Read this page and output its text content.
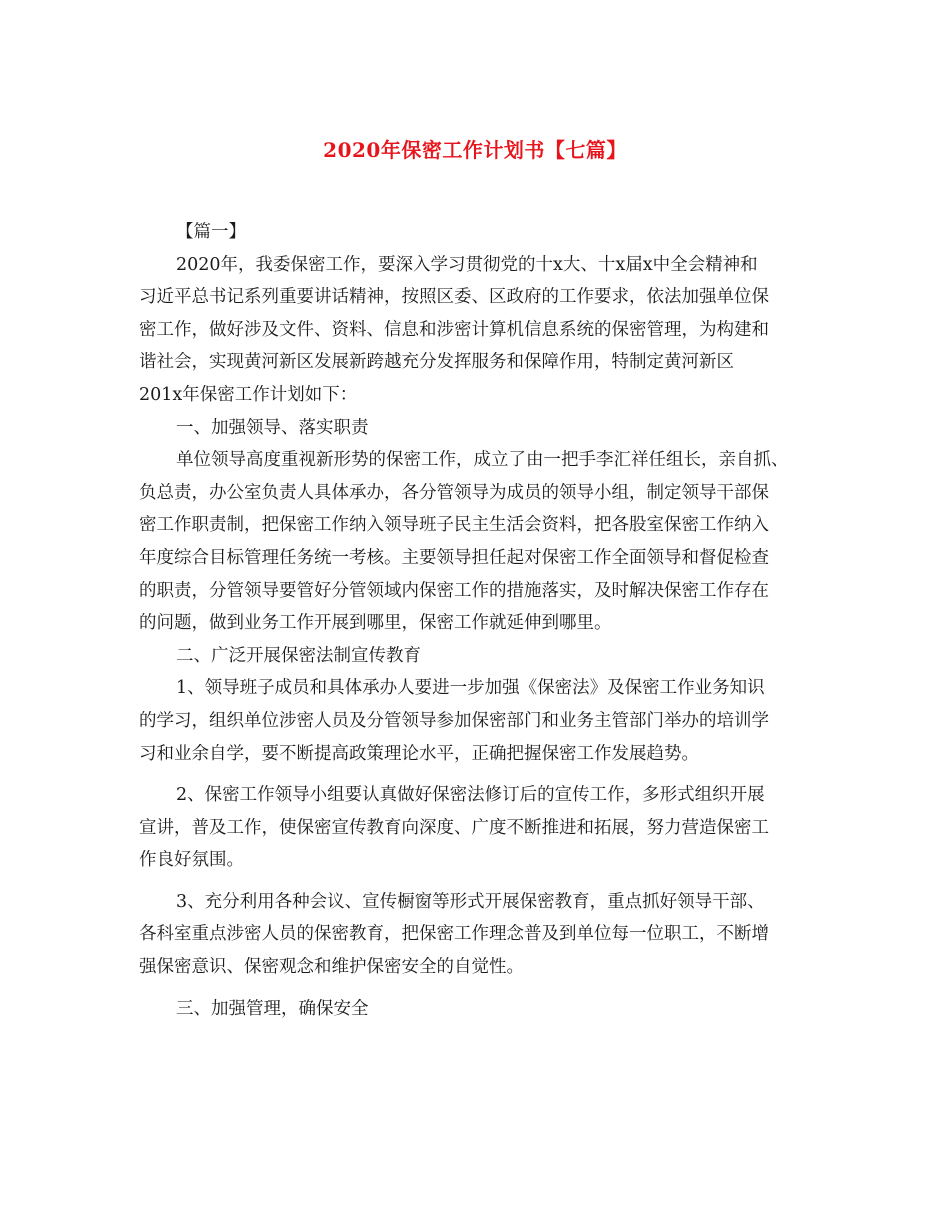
2020年保密工作计划书【七篇】
【篇一】
2020年，我委保密工作，要深入学习贯彻党的十x大、十x届x中全会精神和
习近平总书记系列重要讲话精神，按照区委、区政府的工作要求，依法加强单位保
密工作，做好涉及文件、资料、信息和涉密计算机信息系统的保密管理，为构建和
谐社会，实现黄河新区发展新跨越充分发挥服务和保障作用，特制定黄河新区
201x年保密工作计划如下：
一、加强领导、落实职责
单位领导高度重视新形势的保密工作，成立了由一把手李汇祥任组长，亲自抓、
负总责，办公室负责人具体承办，各分管领导为成员的领导小组，制定领导干部保
密工作职责制，把保密工作纳入领导班子民主生活会资料，把各股室保密工作纳入
年度综合目标管理任务统一考核。主要领导担任起对保密工作全面领导和督促检查
的职责，分管领导要管好分管领域内保密工作的措施落实，及时解决保密工作存在
的问题，做到业务工作开展到哪里，保密工作就延伸到哪里。
二、广泛开展保密法制宣传教育
1、领导班子成员和具体承办人要进一步加强《保密法》及保密工作业务知识
的学习，组织单位涉密人员及分管领导参加保密部门和业务主管部门举办的培训学
习和业余自学，要不断提高政策理论水平，正确把握保密工作发展趋势。
2、保密工作领导小组要认真做好保密法修订后的宣传工作，多形式组织开展
宣讲，普及工作，使保密宣传教育向深度、广度不断推进和拓展，努力营造保密工
作良好氛围。
3、充分利用各种会议、宣传橱窗等形式开展保密教育，重点抓好领导干部、
各科室重点涉密人员的保密教育，把保密工作理念普及到单位每一位职工，不断增
强保密意识、保密观念和维护保密安全的自觉性。
三、加强管理，确保安全
